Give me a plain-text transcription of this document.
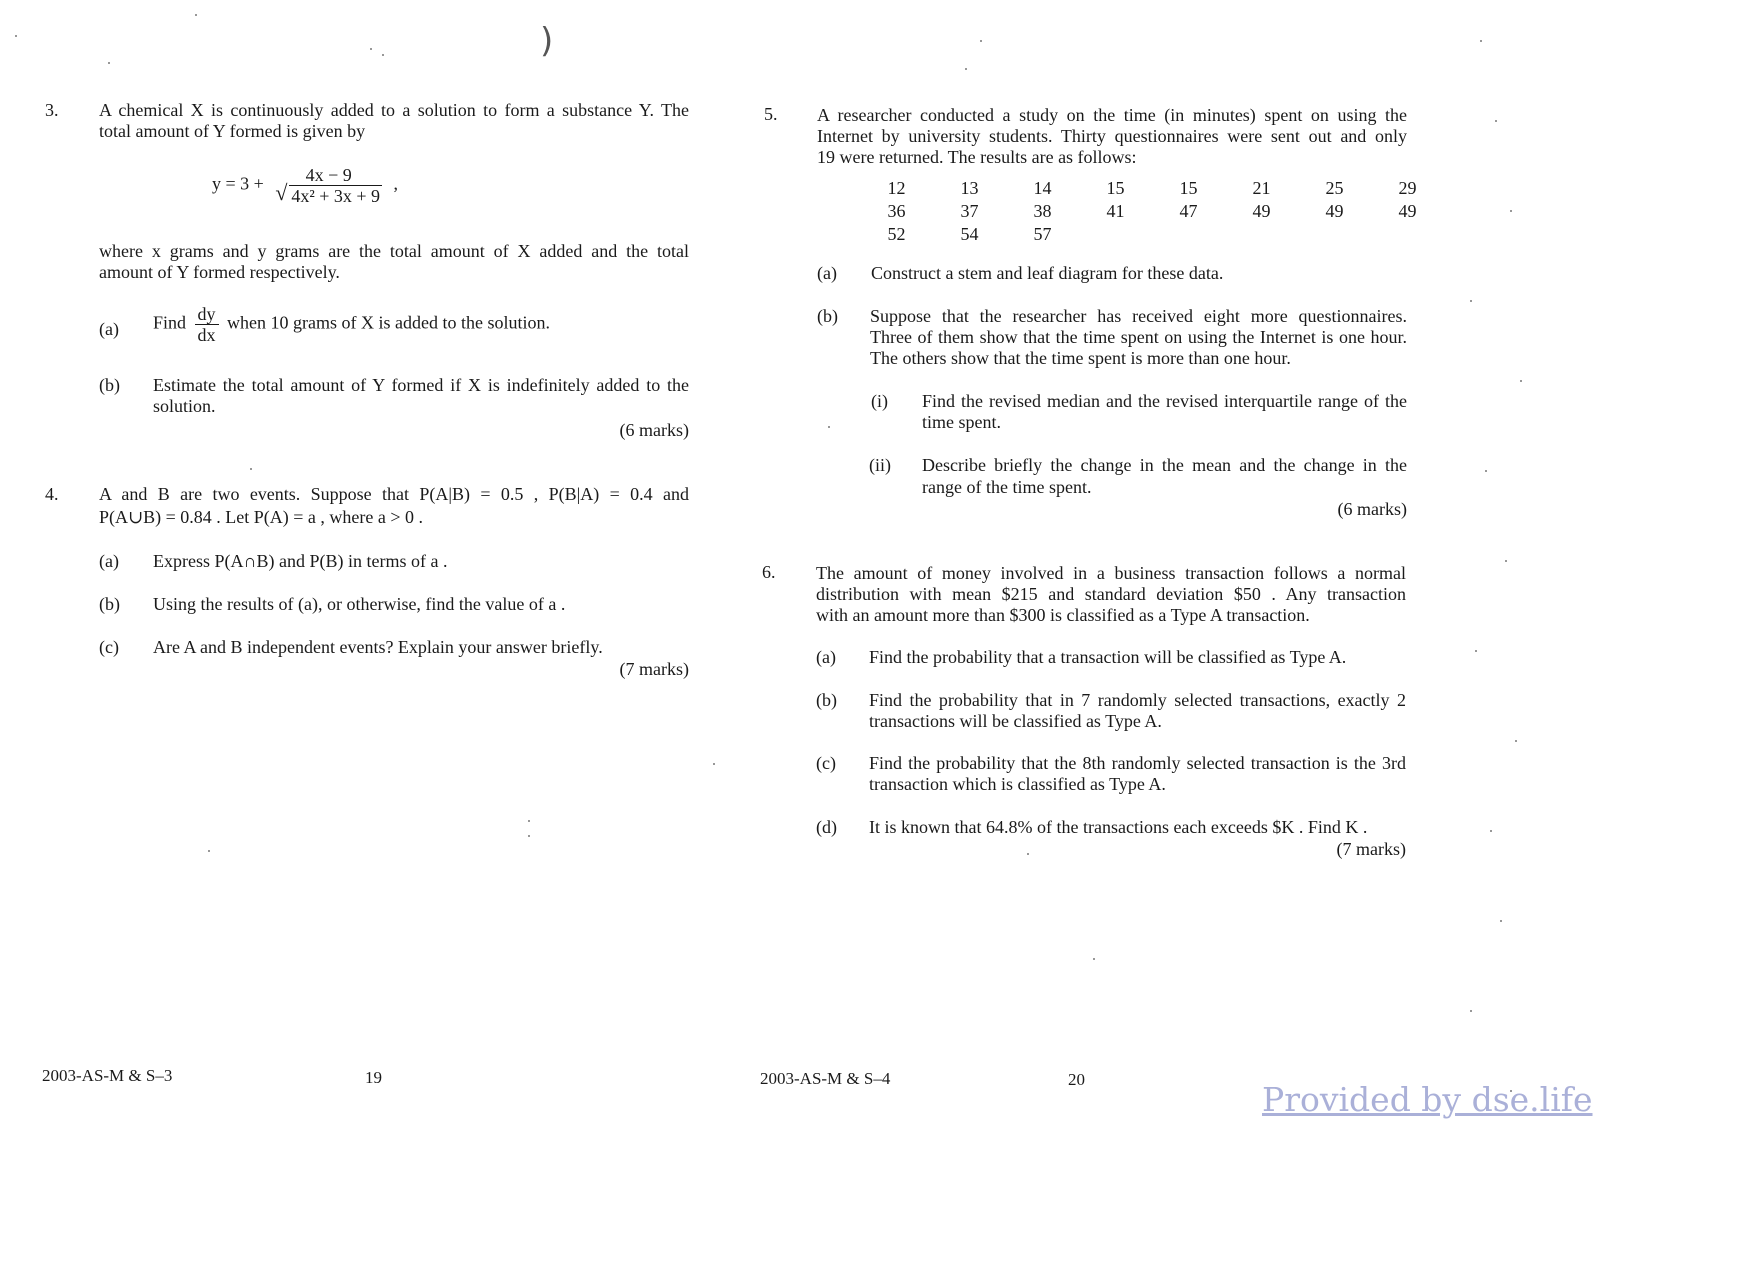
)
3. A chemical X is continuously added to a solution to form a substance Y. The
total amount of Y formed is given by
y = 3 + 4x − 9
√ 4x² + 3x + 9 ,
where x grams and y grams are the total amount of X added and the total
amount of Y formed respectively.
(a) Find $\frac{dy}{dx}$ when 10 grams of X is added to the solution.
(b) Estimate the total amount of Y formed if X is indefinitely added to the
solution.
(6 marks)
4. A and B are two events. Suppose that P(A|B) = 0.5 , P(B|A) = 0.4 and
P(A∪B) = 0.84 . Let P(A) = a , where a > 0 .
(a) Express P(A∩B) and P(B) in terms of a .
(b) Using the results of (a), or otherwise, find the value of a .
(c) Are A and B independent events? Explain your answer briefly.
(7 marks)
2003-AS-M & S–3	19
5. A researcher conducted a study on the time (in minutes) spent on using the
Internet by university students. Thirty questionnaires were sent out and only
19 were returned. The results are as follows:
12	13	14	15	15	21	25	29
36	37	38	41	47	49	49	49
52	54	57					
(a) Construct a stem and leaf diagram for these data.
(b) Suppose that the researcher has received eight more questionnaires.
Three of them show that the time spent on using the Internet is one hour.
The others show that the time spent is more than one hour.
(i) Find the revised median and the revised interquartile range of the
time spent.
(ii) Describe briefly the change in the mean and the change in the
range of the time spent.
(6 marks)
6. The amount of money involved in a business transaction follows a normal
distribution with mean $215 and standard deviation $50 . Any transaction
with an amount more than $300 is classified as a Type A transaction.
(a) Find the probability that a transaction will be classified as Type A.
(b) Find the probability that in 7 randomly selected transactions, exactly 2
transactions will be classified as Type A.
(c) Find the probability that the 8th randomly selected transaction is the 3rd
transaction which is classified as Type A.
(d) It is known that 64.8% of the transactions each exceeds $K . Find K .
(7 marks)
2003-AS-M & S–4	20
Provided by dse.life
